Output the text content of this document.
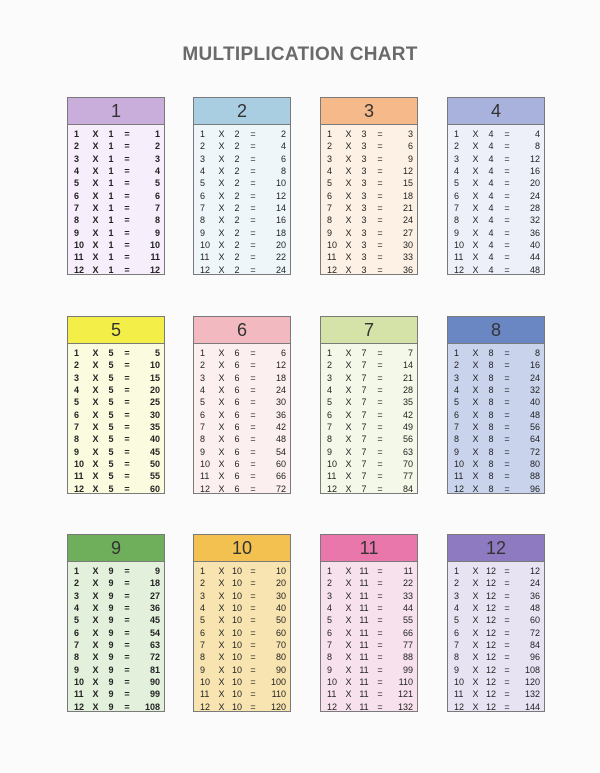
MULTIPLICATION CHART
1
1	X	1	=	1
2	X	1	=	2
3	X	1	=	3
4	X	1	=	4
5	X	1	=	5
6	X	1	=	6
7	X	1	=	7
8	X	1	=	8
9	X	1	=	9
10 X	1	=	10
11 X	1	=	11
12 X	1	=	12
2
1	X	2	=	2
2	X	2	=	4
3	X	2	=	6
4	X	2	=	8
5	X	2	=	10
6	X	2	=	12
7	X	2	=	14
8	X	2	=	16
9	X	2	=	18
10 X	2	=	20
11	X	2	=	22
12 X	2	=	24
3
1	X	3	=	3
2	X	3	=	6
3	X	3	=	9
4	X	3	=	12
5	X	3	=	15
6	X	3	=	18
7	X	3	=	21
8	X	3	=	24
9	X	3	=	27
10 X	3	=	30
11	X	3	=	33
12 X	3	=	36
4
1	X	4	=	4
2	X	4	=	8
3	X	4	=	12
4	X	4	=	16
5	X	4	=	20
6	X	4	=	24
7	X	4	=	28
8	X	4	=	32
9	X	4	=	36
10 X	4	=	40
11	X	4	=	44
12 X	4	=	48
5
1	X	5	=	5
2	X	5	=	10
3	X	5	=	15
4	X	5	=	20
5	X	5	=	25
6	X	5	=	30
7	X	5	=	35
8	X	5	=	40
9	X	5	=	45
10 X	5	=	50
11 X	5	=	55
12 X	5	=	60
6
1	X	6	=	6
2	X	6	=	12
3	X	6	=	18
4	X	6	=	24
5	X	6	=	30
6	X	6	=	36
7	X	6	=	42
8	X	6	=	48
9	X	6	=	54
10 X	6	=	60
11	X	6	=	66
12 X	6	=	72
7
1	X	7	=	7
2	X	7	=	14
3	X	7	=	21
4	X	7	=	28
5	X	7	=	35
6	X	7	=	42
7	X	7	=	49
8	X	7	=	56
9	X	7	=	63
10 X	7	=	70
11	X	7	=	77
12 X	7	=	84
8
1	X	8	=	8
2	X	8	=	16
3	X	8	=	24
4	X	8	=	32
5	X	8	=	40
6	X	8	=	48
7	X	8	=	56
8	X	8	=	64
9	X	8	=	72
10 X	8	=	80
11	X	8	=	88
12 X	8	=	96
9
1	X	9	=	9
2	X	9	=	18
3	X	9	=	27
4	X	9	=	36
5	X	9	=	45
6	X	9	=	54
7	X	9	=	63
8	X	9	=	72
9	X	9	=	81
10 X	9	=	90
11 X	9	=	99
12 X	9	=	108
10
1	X 10 =	10
2	X 10 =	20
3	X 10 =	30
4	X 10 =	40
5	X 10 =	50
6	X 10 =	60
7	X 10 =	70
8	X 10 =	80
9	X 10 =	90
10 X 10 =	100
11	X 10 =	110
12 X 10 =	120
11
1	X 11 =	11
2	X 11 =	22
3	X 11 =	33
4	X 11 =	44
5	X 11 =	55
6	X 11 =	66
7	X 11 =	77
8	X 11 =	88
9	X 11 =	99
10 X 11 =	110
11	X 11 =	121
12 X 11 =	132
12
1	X 12 =	12
2	X 12 =	24
3	X 12 =	36
4	X 12 =	48
5	X 12 =	60
6	X 12 =	72
7	X 12 =	84
8	X 12 =	96
9	X 12 =	108
10 X 12 =	120
11	X 12 =	132
12 X 12 =	144
